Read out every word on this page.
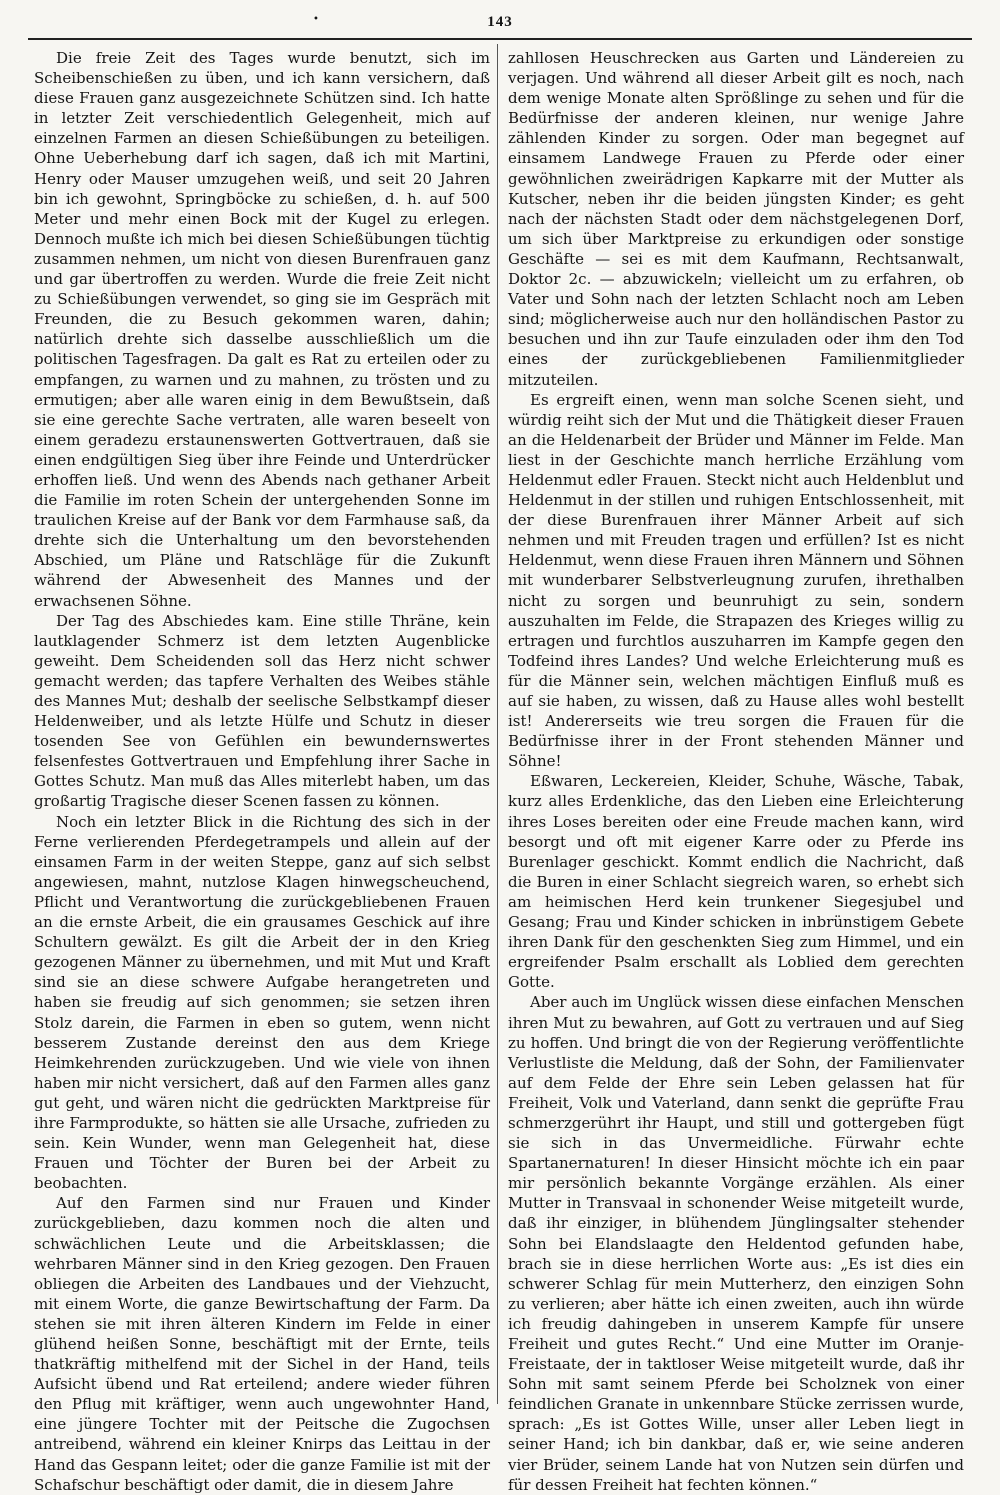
143
•

Die freie Zeit des Tages wurde benutzt, sich im Scheibenschießen zu üben, und ich kann versichern, daß diese Frauen ganz ausgezeichnete Schützen sind. Ich hatte in letzter Zeit verschiedentlich Gelegenheit, mich auf einzelnen Farmen an diesen Schießübungen zu beteiligen. Ohne Ueberhebung darf ich sagen, daß ich mit Martini, Henry oder Mauser umzugehen weiß, und seit 20 Jahren bin ich gewohnt, Springböcke zu schießen, d. h. auf 500 Meter und mehr einen Bock mit der Kugel zu erlegen. Dennoch mußte ich mich bei diesen Schießübungen tüchtig zusammen nehmen, um nicht von diesen Burenfrauen ganz und gar übertroffen zu werden. Wurde die freie Zeit nicht zu Schießübungen verwendet, so ging sie im Gespräch mit Freunden, die zu Besuch gekommen waren, dahin; natürlich drehte sich dasselbe ausschließlich um die politischen Tagesfragen. Da galt es Rat zu erteilen oder zu empfangen, zu warnen und zu mahnen, zu trösten und zu ermutigen; aber alle waren einig in dem Bewußtsein, daß sie eine gerechte Sache vertraten, alle waren beseelt von einem geradezu erstaunenswerten Gottvertrauen, daß sie einen endgültigen Sieg über ihre Feinde und Unterdrücker erhoffen ließ. Und wenn des Abends nach gethaner Arbeit die Familie im roten Schein der untergehenden Sonne im traulichen Kreise auf der Bank vor dem Farmhause saß, da drehte sich die Unterhaltung um den bevorstehenden Abschied, um Pläne und Ratschläge für die Zukunft während der Abwesenheit des Mannes und der erwachsenen Söhne.

Der Tag des Abschiedes kam. Eine stille Thräne, kein lautklagender Schmerz ist dem letzten Augenblicke geweiht. Dem Scheidenden soll das Herz nicht schwer gemacht werden; das tapfere Verhalten des Weibes stähle des Mannes Mut; deshalb der seelische Selbstkampf dieser Heldenweiber, und als letzte Hülfe und Schutz in dieser tosenden See von Gefühlen ein bewundernswertes felsenfestes Gottvertrauen und Empfehlung ihrer Sache in Gottes Schutz. Man muß das Alles miterlebt haben, um das großartig Tragische dieser Scenen fassen zu können.

Noch ein letzter Blick in die Richtung des sich in der Ferne verlierenden Pferdegetrampels und allein auf der einsamen Farm in der weiten Steppe, ganz auf sich selbst angewiesen, mahnt, nutzlose Klagen hinwegscheuchend, Pflicht und Verantwortung die zurückgebliebenen Frauen an die ernste Arbeit, die ein grausames Geschick auf ihre Schultern gewälzt. Es gilt die Arbeit der in den Krieg gezogenen Männer zu übernehmen, und mit Mut und Kraft sind sie an diese schwere Aufgabe herangetreten und haben sie freudig auf sich genommen; sie setzen ihren Stolz darein, die Farmen in eben so gutem, wenn nicht besserem Zustande dereinst den aus dem Kriege Heimkehrenden zurückzugeben. Und wie viele von ihnen haben mir nicht versichert, daß auf den Farmen alles ganz gut geht, und wären nicht die gedrückten Marktpreise für ihre Farmprodukte, so hätten sie alle Ursache, zufrieden zu sein. Kein Wunder, wenn man Gelegenheit hat, diese Frauen und Töchter der Buren bei der Arbeit zu beobachten.

Auf den Farmen sind nur Frauen und Kinder zurückgeblieben, dazu kommen noch die alten und schwächlichen Leute und die Arbeitsklassen; die wehrbaren Männer sind in den Krieg gezogen. Den Frauen obliegen die Arbeiten des Landbaues und der Viehzucht, mit einem Worte, die ganze Bewirtschaftung der Farm. Da stehen sie mit ihren älteren Kindern im Felde in einer glühend heißen Sonne, beschäftigt mit der Ernte, teils thatkräftig mithelfend mit der Sichel in der Hand, teils Aufsicht übend und Rat erteilend; andere wieder führen den Pflug mit kräftiger, wenn auch ungewohnter Hand, eine jüngere Tochter mit der Peitsche die Zugochsen antreibend, während ein kleiner Knirps das Leittau in der Hand das Gespann leitet; oder die ganze Familie ist mit der Schafschur beschäftigt oder damit, die in diesem Jahre

zahllosen Heuschrecken aus Garten und Ländereien zu verjagen. Und während all dieser Arbeit gilt es noch, nach dem wenige Monate alten Sprößlinge zu sehen und für die Bedürfnisse der anderen kleinen, nur wenige Jahre zählenden Kinder zu sorgen. Oder man begegnet auf einsamem Landwege Frauen zu Pferde oder einer gewöhnlichen zweirädrigen Kapkarre mit der Mutter als Kutscher, neben ihr die beiden jüngsten Kinder; es geht nach der nächsten Stadt oder dem nächstgelegenen Dorf, um sich über Marktpreise zu erkundigen oder sonstige Geschäfte — sei es mit dem Kaufmann, Rechtsanwalt, Doktor 2c. — abzuwickeln; vielleicht um zu erfahren, ob Vater und Sohn nach der letzten Schlacht noch am Leben sind; möglicherweise auch nur den holländischen Pastor zu besuchen und ihn zur Taufe einzuladen oder ihm den Tod eines der zurückgebliebenen Familienmitglieder mitzuteilen.

Es ergreift einen, wenn man solche Scenen sieht, und würdig reiht sich der Mut und die Thätigkeit dieser Frauen an die Heldenarbeit der Brüder und Männer im Felde. Man liest in der Geschichte manch herrliche Erzählung vom Heldenmut edler Frauen. Steckt nicht auch Heldenblut und Heldenmut in der stillen und ruhigen Entschlossenheit, mit der diese Burenfrauen ihrer Männer Arbeit auf sich nehmen und mit Freuden tragen und erfüllen? Ist es nicht Heldenmut, wenn diese Frauen ihren Männern und Söhnen mit wunderbarer Selbstverleugnung zurufen, ihrethalben nicht zu sorgen und beunruhigt zu sein, sondern auszuhalten im Felde, die Strapazen des Krieges willig zu ertragen und furchtlos auszuharren im Kampfe gegen den Todfeind ihres Landes? Und welche Erleichterung muß es für die Männer sein, welchen mächtigen Einfluß muß es auf sie haben, zu wissen, daß zu Hause alles wohl bestellt ist! Andererseits wie treu sorgen die Frauen für die Bedürfnisse ihrer in der Front stehenden Männer und Söhne!

Eßwaren, Leckereien, Kleider, Schuhe, Wäsche, Tabak, kurz alles Erdenkliche, das den Lieben eine Erleichterung ihres Loses bereiten oder eine Freude machen kann, wird besorgt und oft mit eigener Karre oder zu Pferde ins Burenlager geschickt. Kommt endlich die Nachricht, daß die Buren in einer Schlacht siegreich waren, so erhebt sich am heimischen Herd kein trunkener Siegesjubel und Gesang; Frau und Kinder schicken in inbrünstigem Gebete ihren Dank für den geschenkten Sieg zum Himmel, und ein ergreifender Psalm erschallt als Loblied dem gerechten Gotte.

Aber auch im Unglück wissen diese einfachen Menschen ihren Mut zu bewahren, auf Gott zu vertrauen und auf Sieg zu hoffen. Und bringt die von der Regierung veröffentlichte Verlustliste die Meldung, daß der Sohn, der Familienvater auf dem Felde der Ehre sein Leben gelassen hat für Freiheit, Volk und Vaterland, dann senkt die geprüfte Frau schmerzgerührt ihr Haupt, und still und gottergeben fügt sie sich in das Unvermeidliche. Fürwahr echte Spartanernaturen! In dieser Hinsicht möchte ich ein paar mir persönlich bekannte Vorgänge erzählen. Als einer Mutter in Transvaal in schonender Weise mitgeteilt wurde, daß ihr einziger, in blühendem Jünglingsalter stehender Sohn bei Elandslaagte den Heldentod gefunden habe, brach sie in diese herrlichen Worte aus: „Es ist dies ein schwerer Schlag für mein Mutterherz, den einzigen Sohn zu verlieren; aber hätte ich einen zweiten, auch ihn würde ich freudig dahingeben in unserem Kampfe für unsere Freiheit und gutes Recht.“ Und eine Mutter im Oranje-Freistaate, der in taktloser Weise mitgeteilt wurde, daß ihr Sohn mit samt seinem Pferde bei Scholznek von einer feindlichen Granate in unkennbare Stücke zerrissen wurde, sprach: „Es ist Gottes Wille, unser aller Leben liegt in seiner Hand; ich bin dankbar, daß er, wie seine anderen vier Brüder, seinem Lande hat von Nutzen sein dürfen und für dessen Freiheit hat fechten können.“
